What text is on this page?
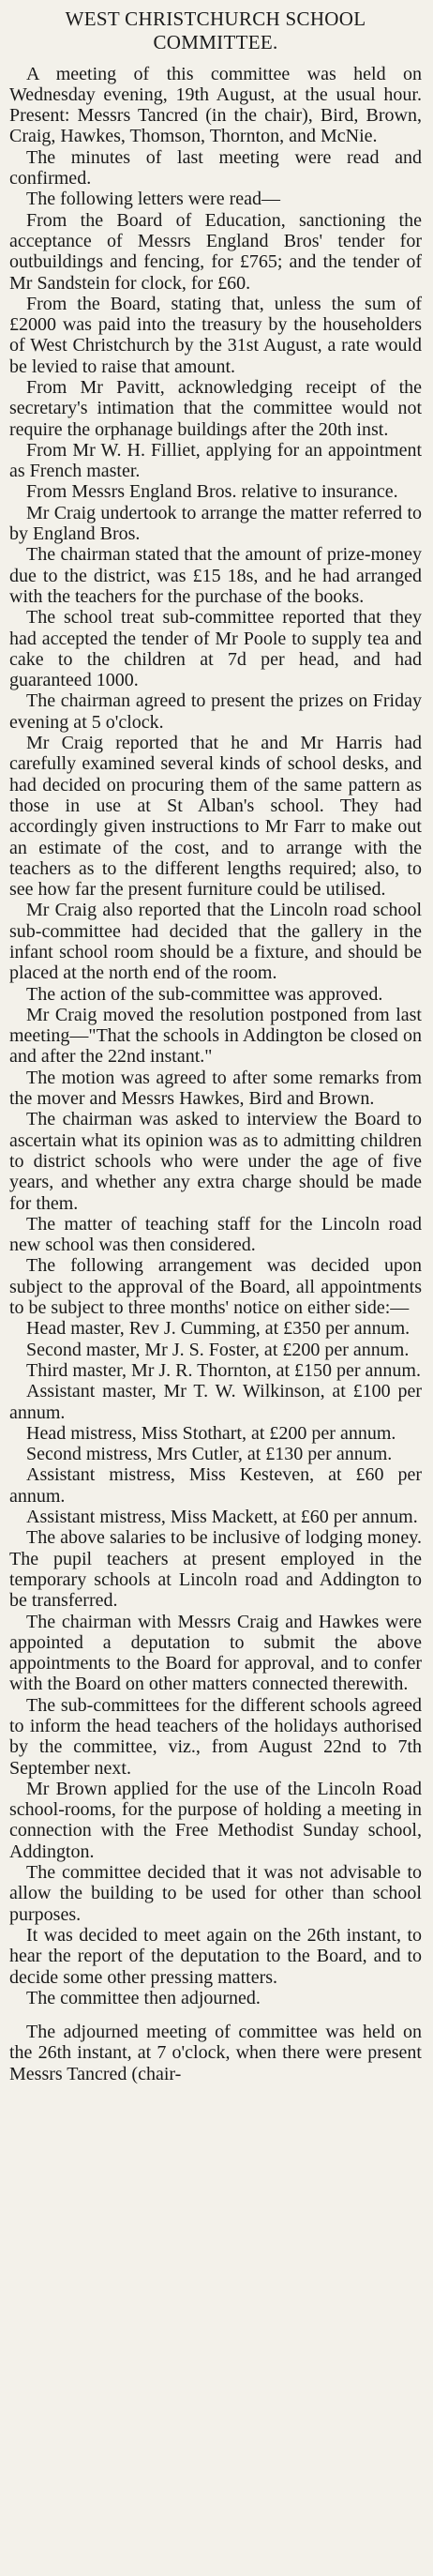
WEST CHRISTCHURCH SCHOOL COMMITTEE.

A meeting of this committee was held on Wednesday evening, 19th August, at the usual hour. Present: Messrs Tancred (in the chair), Bird, Brown, Craig, Hawkes, Thomson, Thornton, and McNie.

The minutes of last meeting were read and confirmed.

The following letters were read—

From the Board of Education, sanctioning the acceptance of Messrs England Bros' tender for outbuildings and fencing, for £765; and the tender of Mr Sandstein for clock, for £60.

From the Board, stating that, unless the sum of £2000 was paid into the treasury by the householders of West Christchurch by the 31st August, a rate would be levied to raise that amount.

From Mr Pavitt, acknowledging receipt of the secretary's intimation that the committee would not require the orphanage buildings after the 20th inst.

From Mr W. H. Filliet, applying for an appointment as French master.

From Messrs England Bros. relative to insurance.

Mr Craig undertook to arrange the matter referred to by England Bros.

The chairman stated that the amount of prize-money due to the district, was £15 18s, and he had arranged with the teachers for the purchase of the books.

The school treat sub-committee reported that they had accepted the tender of Mr Poole to supply tea and cake to the children at 7d per head, and had guaranteed 1000.

The chairman agreed to present the prizes on Friday evening at 5 o'clock.

Mr Craig reported that he and Mr Harris had carefully examined several kinds of school desks, and had decided on procuring them of the same pattern as those in use at St Alban's school. They had accordingly given instructions to Mr Farr to make out an estimate of the cost, and to arrange with the teachers as to the different lengths required; also, to see how far the present furniture could be utilised.

Mr Craig also reported that the Lincoln road school sub-committee had decided that the gallery in the infant school room should be a fixture, and should be placed at the north end of the room.

The action of the sub-committee was approved.

Mr Craig moved the resolution postponed from last meeting—"That the schools in Addington be closed on and after the 22nd instant."

The motion was agreed to after some remarks from the mover and Messrs Hawkes, Bird and Brown.

The chairman was asked to interview the Board to ascertain what its opinion was as to admitting children to district schools who were under the age of five years, and whether any extra charge should be made for them.

The matter of teaching staff for the Lincoln road new school was then considered.

The following arrangement was decided upon subject to the approval of the Board, all appointments to be subject to three months' notice on either side:—

Head master, Rev J. Cumming, at £350 per annum.

Second master, Mr J. S. Foster, at £200 per annum.

Third master, Mr J. R. Thornton, at £150 per annum.

Assistant master, Mr T. W. Wilkinson, at £100 per annum.

Head mistress, Miss Stothart, at £200 per annum.

Second mistress, Mrs Cutler, at £130 per annum.

Assistant mistress, Miss Kesteven, at £60 per annum.

Assistant mistress, Miss Mackett, at £60 per annum.

The above salaries to be inclusive of lodging money. The pupil teachers at present employed in the temporary schools at Lincoln road and Addington to be transferred.

The chairman with Messrs Craig and Hawkes were appointed a deputation to submit the above appointments to the Board for approval, and to confer with the Board on other matters connected therewith.

The sub-committees for the different schools agreed to inform the head teachers of the holidays authorised by the committee, viz., from August 22nd to 7th September next.

Mr Brown applied for the use of the Lincoln Road school-rooms, for the purpose of holding a meeting in connection with the Free Methodist Sunday school, Addington.

The committee decided that it was not advisable to allow the building to be used for other than school purposes.

It was decided to meet again on the 26th instant, to hear the report of the deputation to the Board, and to decide some other pressing matters.

The committee then adjourned.

The adjourned meeting of committee was held on the 26th instant, at 7 o'clock, when there were present Messrs Tancred (chair-
